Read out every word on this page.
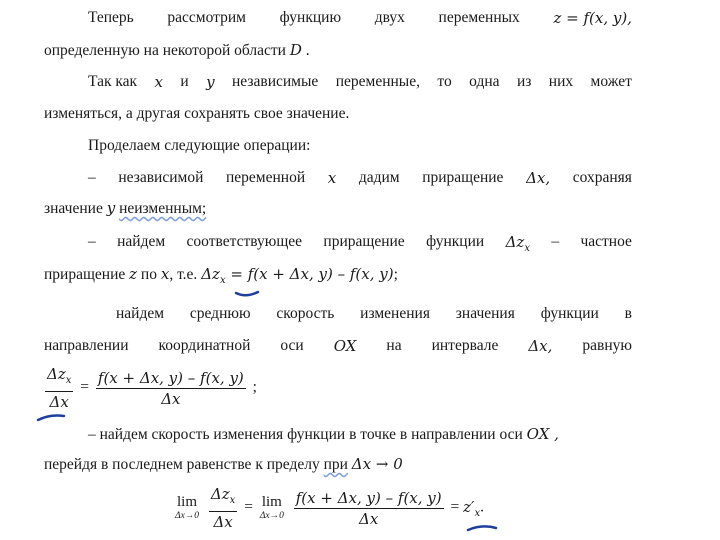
Теперь рассмотрим функцию двух переменных z = f(x, y),
определенную на некоторой области D .
Так как x и y независимые переменные, то одна из них может
изменяться, а другая сохранять свое значение.
Проделаем следующие операции:
– независимой переменной x дадим приращение Δx, сохраняя
значение y неизменным;
– найдем соответствующее приращение функции $\Delta z_x$ – частное
приращение z по x, т.е. $\Delta z_x = f(x + \Delta x$, y) – f(x, y);
найдем среднюю скорость изменения значения функции в
направлении координатной оси OX на интервале Δx, равную
$\frac{\Delta z_x}{\Delta x} = \frac{f(x + \Delta x, y) - f(x, y)}{\Delta x}$ ;
– найдем скорость изменения функции в точке в направлении оси OX ,
перейдя в последнем равенстве к пределу при Δx → 0
lim
Δx→0
$\frac{\Delta z_x}{\Delta x} = \lim$
Δx→0
$\frac{f(x + \Delta x, y) - f(x, y)}{\Delta x} = z'_x$.
